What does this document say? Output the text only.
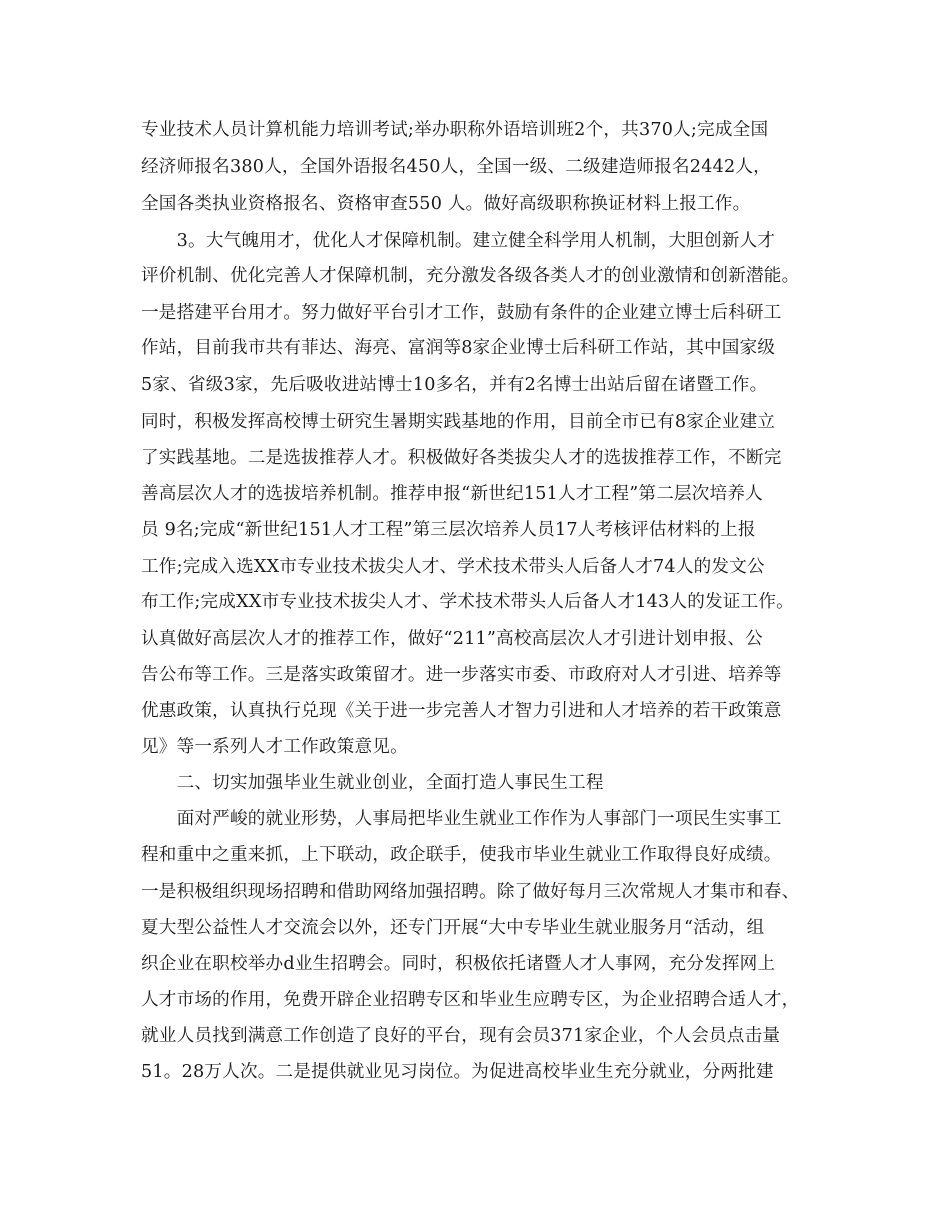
专业技术人员计算机能力培训考试;举办职称外语培训班2个，共370人;完成全国
经济师报名380人，全国外语报名450人，全国一级、二级建造师报名2442人，
全国各类执业资格报名、资格审查550 人。做好高级职称换证材料上报工作。
　　3。大气魄用才，优化人才保障机制。建立健全科学用人机制，大胆创新人才
评价机制、优化完善人才保障机制，充分激发各级各类人才的创业激情和创新潜能。
一是搭建平台用才。努力做好平台引才工作，鼓励有条件的企业建立博士后科研工
作站，目前我市共有菲达、海亮、富润等8家企业博士后科研工作站，其中国家级
5家、省级3家，先后吸收进站博士10多名，并有2名博士出站后留在诸暨工作。
同时，积极发挥高校博士研究生暑期实践基地的作用，目前全市已有8家企业建立
了实践基地。二是选拔推荐人才。积极做好各类拔尖人才的选拔推荐工作，不断完
善高层次人才的选拔培养机制。推荐申报“新世纪151人才工程”第二层次培养人
员 9名;完成“新世纪151人才工程”第三层次培养人员17人考核评估材料的上报
工作;完成入选XX市专业技术拔尖人才、学术技术带头人后备人才74人的发文公
布工作;完成XX市专业技术拔尖人才、学术技术带头人后备人才143人的发证工作。
认真做好高层次人才的推荐工作，做好“211”高校高层次人才引进计划申报、公
告公布等工作。三是落实政策留才。进一步落实市委、市政府对人才引进、培养等
优惠政策，认真执行兑现《关于进一步完善人才智力引进和人才培养的若干政策意
见》等一系列人才工作政策意见。
　　二、切实加强毕业生就业创业，全面打造人事民生工程
　　面对严峻的就业形势，人事局把毕业生就业工作作为人事部门一项民生实事工
程和重中之重来抓，上下联动，政企联手，使我市毕业生就业工作取得良好成绩。
一是积极组织现场招聘和借助网络加强招聘。除了做好每月三次常规人才集市和春、
夏大型公益性人才交流会以外，还专门开展“大中专毕业生就业服务月“活动，组
织企业在职校举办d业生招聘会。同时，积极依托诸暨人才人事网，充分发挥网上
人才市场的作用，免费开辟企业招聘专区和毕业生应聘专区，为企业招聘合适人才，
就业人员找到满意工作创造了良好的平台，现有会员371家企业，个人会员点击量
51。28万人次。二是提供就业见习岗位。为促进高校毕业生充分就业，分两批建
